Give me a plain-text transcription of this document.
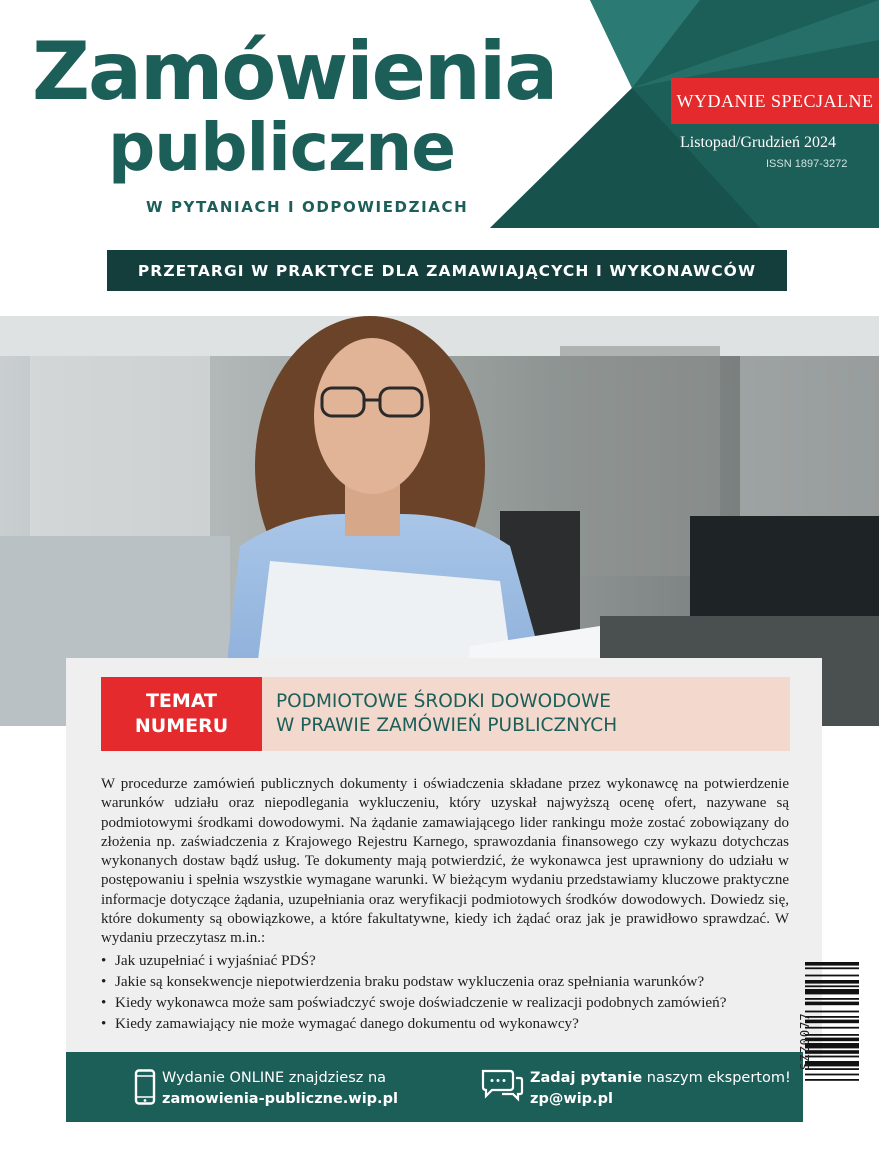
Zamówienia
publiczne
W PYTANIACH I ODPOWIEDZIACH
WYDANIE SPECJALNE
Listopad/Grudzień 2024
ISSN 1897-3272
PRZETARGI W PRAKTYCE DLA ZAMAWIAJĄCYCH I WYKONAWCÓW
TEMAT
NUMERU
PODMIOTOWE ŚRODKI DOWODOWE
W PRAWIE ZAMÓWIEŃ PUBLICZNYCH

W procedurze zamówień publicznych dokumenty i oświadczenia składane przez wykonawcę na potwierdzenie warunków udziału oraz niepodlegania wykluczeniu, który uzyskał najwyższą ocenę ofert, nazywane są podmiotowymi środkami dowodowymi. Na żądanie zamawiającego lider rankingu może zostać zobowiązany do złożenia np. zaświadczenia z Krajowego Rejestru Karnego, sprawozdania finansowego czy wykazu dotychczas wykonanych dostaw bądź usług. Te dokumenty mają potwierdzić, że wykonawca jest uprawniony do udziału w postępowaniu i spełnia wszystkie wymagane warunki. W bieżącym wydaniu przedstawiamy kluczowe praktyczne informacje dotyczące żądania, uzupełniania oraz weryfikacji podmiotowych środków dowodowych. Dowiedz się, które dokumenty są obowiązkowe, a które fakultatywne, kiedy ich żądać oraz jak je prawidłowo sprawdzać. W wydaniu przeczytasz m.in.:

• Jak uzupełniać i wyjaśniać PDŚ?
• Jakie są konsekwencje niepotwierdzenia braku podstaw wykluczenia oraz spełniania warunków?
• Kiedy wykonawca może sam poświadczyć swoje doświadczenie w realizacji podobnych zamówień?
• Kiedy zamawiający nie może wymagać danego dokumentu od wykonawcy?
Wydanie ONLINE znajdziesz na
zamowienia-publiczne.wip.pl
Zadaj pytanie naszym ekspertom!
zp@wip.pl
SZZ0077
